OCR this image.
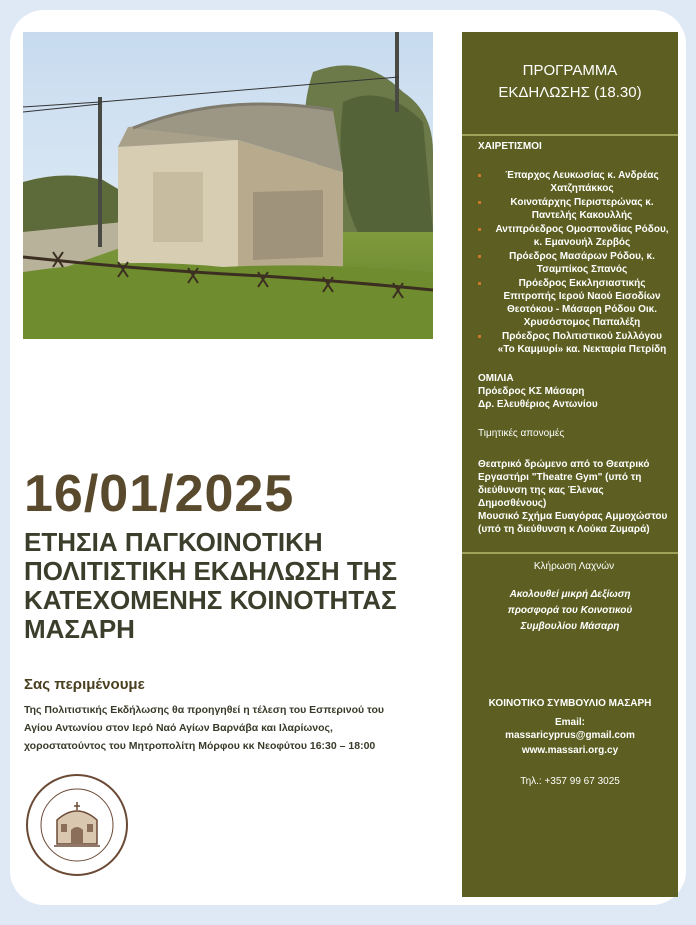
16/01/2025
ΕΤΗΣΙΑ ΠΑΓΚΟΙΝΟΤΙΚΗ ΠΟΛΙΤΙΣΤΙΚΗ ΕΚΔΗΛΩΣΗ ΤΗΣ ΚΑΤΕΧΟΜΕΝΗΣ ΚΟΙΝΟΤΗΤΑΣ ΜΑΣΑΡΗ
Σας περιμένουμε
Της Πολιτιστικής Εκδήλωσης θα προηγηθεί η τέλεση του Εσπερινού του
Αγίου Αντωνίου στον Ιερό Ναό Αγίων Βαρνάβα και Ιλαρίωνος,
χοροστατούντος του Μητροπολίτη Μόρφου κκ Νεοφύτου 16:30 – 18:00
ΠΡΟΓΡΑΜΜΑ
ΕΚΔΗΛΩΣΗΣ (18.30)
ΧΑΙΡΕΤΙΣΜΟΙ
Έπαρχος Λευκωσίας κ. Ανδρέας Χατζηπάκκος
Κοινοτάρχης Περιστερώνας κ. Παντελής Κακουλλής
Αντιπρόεδρος Ομοσπονδίας Ρόδου, κ. Εμανουήλ Ζερβός
Πρόεδρος Μασάρων Ρόδου, κ. Τσαμπίκος Σπανός
Πρόεδρος Εκκλησιαστικής Επιτροπής Ιερού Ναού Εισοδίων Θεοτόκου - Μάσαρη Ρόδου Οικ. Χρυσόστομος Παπαλέξη
Πρόεδρος Πολιτιστικού Συλλόγου «Το Καμμυρί» κα. Νεκταρία Πετρίδη

ΟΜΙΛΙΑ

Πρόεδρος ΚΣ Μάσαρη

Δρ. Ελευθέριος Αντωνίου

Τιμητικές απονομές
Θεατρικό δρώμενο από το Θεατρικό Εργαστήρι "Theatre Gym" (υπό τη διεύθυνση της κας Έλενας Δημοσθένους)
Μουσικό Σχήμα Ευαγόρας Αμμοχώστου (υπό τη διεύθυνση κ Λούκα Ζυμαρά)
Κλήρωση Λαχνών
Ακολουθεί μικρή Δεξίωση προσφορά του Κοινοτικού Συμβουλίου Μάσαρη

ΚΟΙΝΟΤΙΚΟ ΣΥΜΒΟΥΛΙΟ ΜΑΣΑΡΗ

Email:

massaricyprus@gmail.com

www.massari.org.cy

Τηλ.: +357 99 67 3025
